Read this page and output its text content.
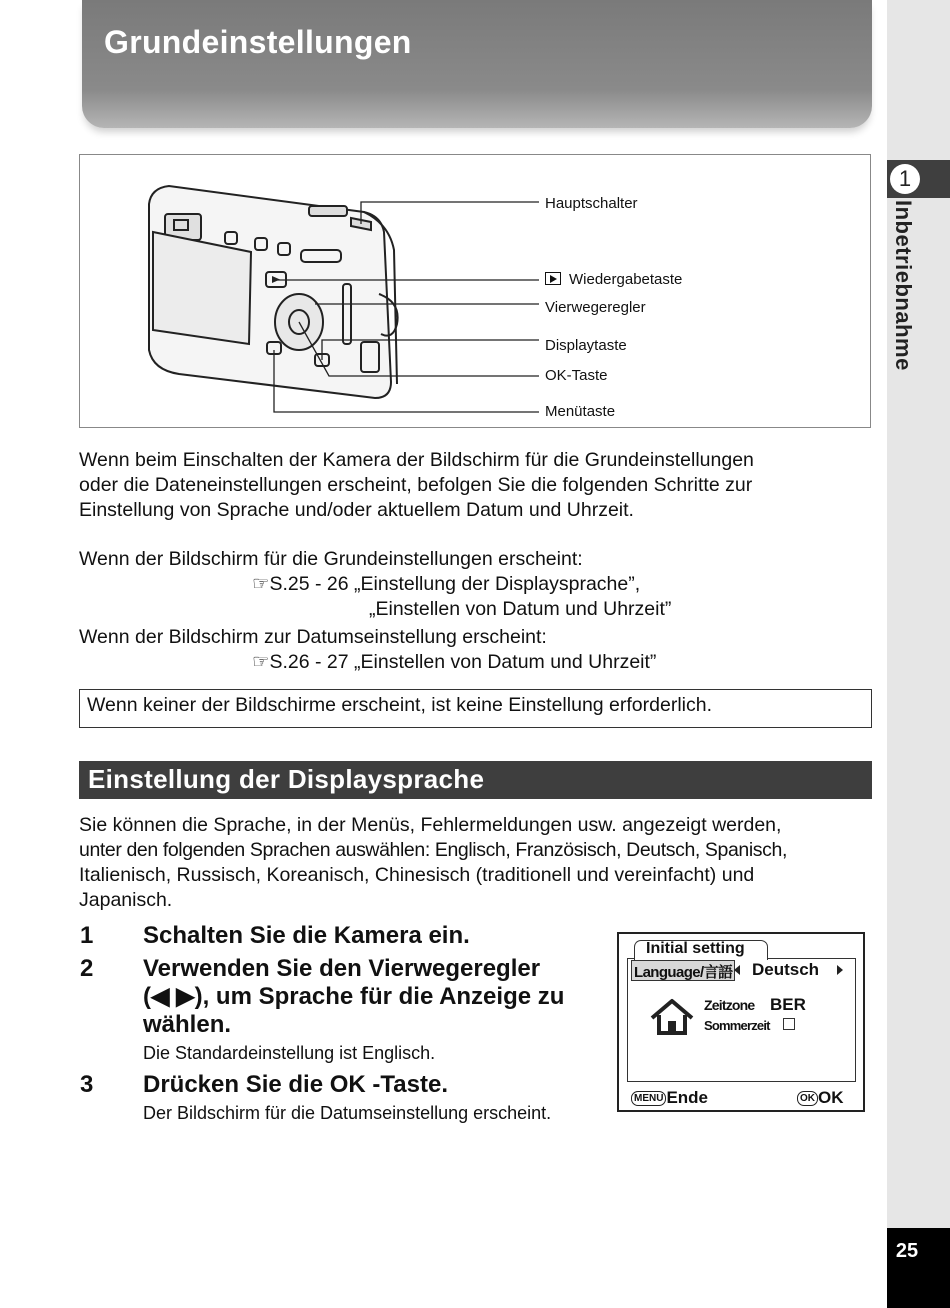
Grundeinstellungen
1
Inbetriebnahme
25
Hauptschalter
Wiedergabetaste
Vierwegeregler
Displaytaste
OK-Taste
Menütaste
Wenn beim Einschalten der Kamera der Bildschirm für die Grundeinstellungen
oder die Dateneinstellungen erscheint, befolgen Sie die folgenden Schritte zur
Einstellung von Sprache und/oder aktuellem Datum und Uhrzeit.
Wenn der Bildschirm für die Grundeinstellungen erscheint:
☞S.25 - 26 „Einstellung der Displaysprache”,
„Einstellen von Datum und Uhrzeit”
Wenn der Bildschirm zur Datumseinstellung erscheint:
☞S.26 - 27 „Einstellen von Datum und Uhrzeit”
Wenn keiner der Bildschirme erscheint, ist keine Einstellung erforderlich.
Einstellung der Displaysprache
Sie können die Sprache, in der Menüs, Fehlermeldungen usw. angezeigt werden,
unter den folgenden Sprachen auswählen: Englisch, Französisch, Deutsch, Spanisch,
Italienisch, Russisch, Koreanisch, Chinesisch (traditionell und vereinfacht) und
Japanisch.
1 Schalten Sie die Kamera ein.
2 Verwenden Sie den Vierwegeregler
(◀ ▶), um Sprache für die Anzeige zu
wählen.
Die Standardeinstellung ist Englisch.
3 Drücken Sie die OK -Taste.
Der Bildschirm für die Datumseinstellung erscheint.
Initial setting
Language/言語 Deutsch
Zeitzone BER
Sommerzeit
MENU Ende	OK OK
